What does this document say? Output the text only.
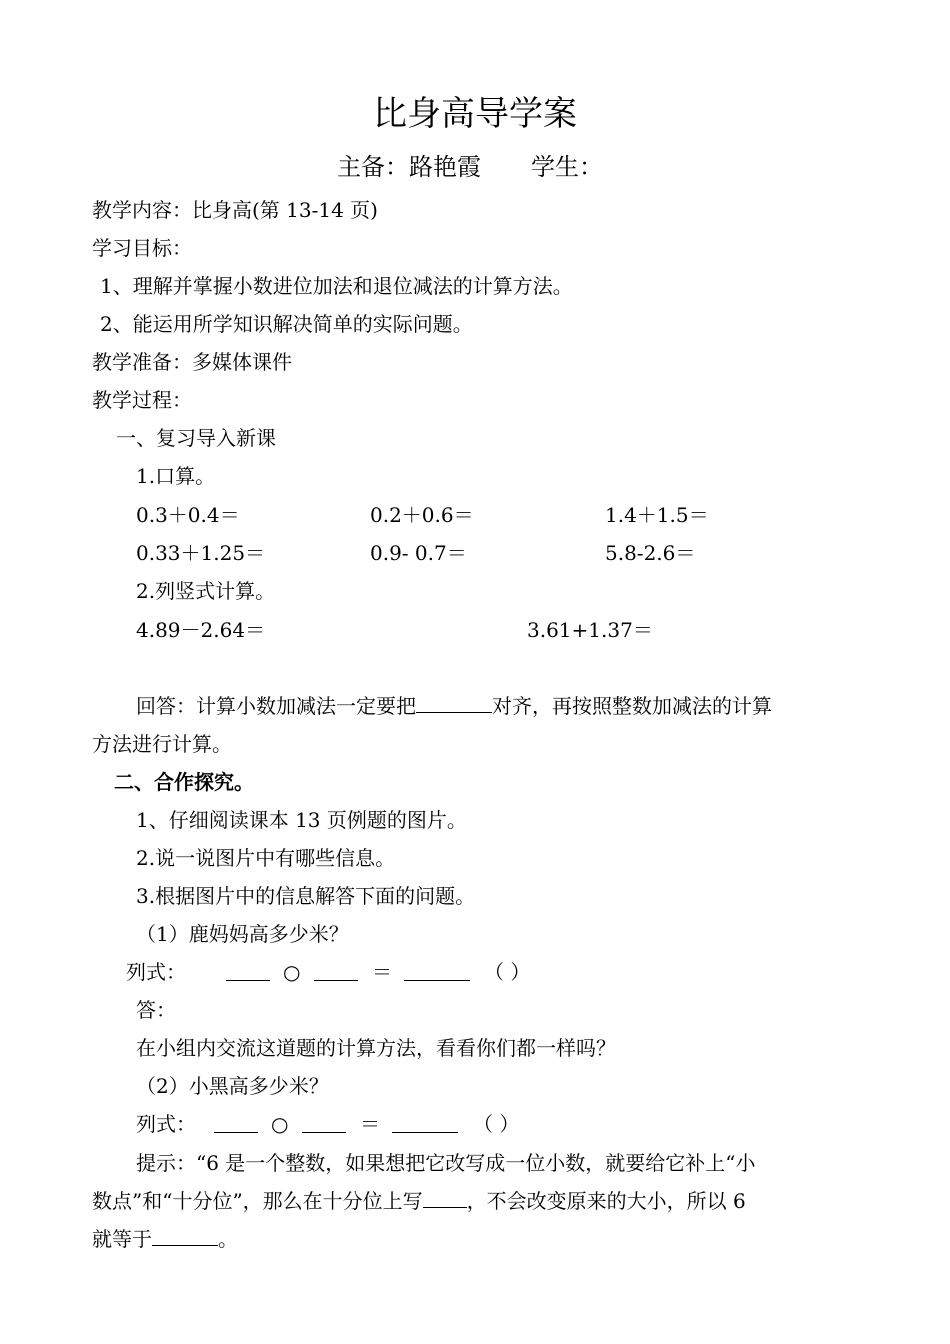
比身高导学案
主备：路艳霞 学生：
教学内容：比身高(第 13-14 页)
学习目标：
1、理解并掌握小数进位加法和退位减法的计算方法。
2、能运用所学知识解决简单的实际问题。
教学准备：多媒体课件
教学过程：
一、复习导入新课
1.口算。
0.3＋0.4＝	0.2＋0.6＝	1.4＋1.5＝
0.33＋1.25＝	0.9- 0.7＝	5.8-2.6＝
2.列竖式计算。
4.89－2.64＝	3.61+1.37＝
回答：计算小数加减法一定要把	对齐，再按照整数加减法的计算
方法进行计算。
二、合作探究。
1、仔细阅读课本 13 页例题的图片。
2.说一说图片中有哪些信息。
3.根据图片中的信息解答下面的问题。
（1）鹿妈妈高多少米？
列式：	○	＝	（ ）
答：
在小组内交流这道题的计算方法，看看你们都一样吗？
（2）小黑高多少米？
列式：	○	＝	（ ）
提示：“6 是一个整数，如果想把它改写成一位小数，就要给它补上“小
数点”和“十分位”，那么在十分位上写 ，不会改变原来的大小，所以 6
就等于	。
